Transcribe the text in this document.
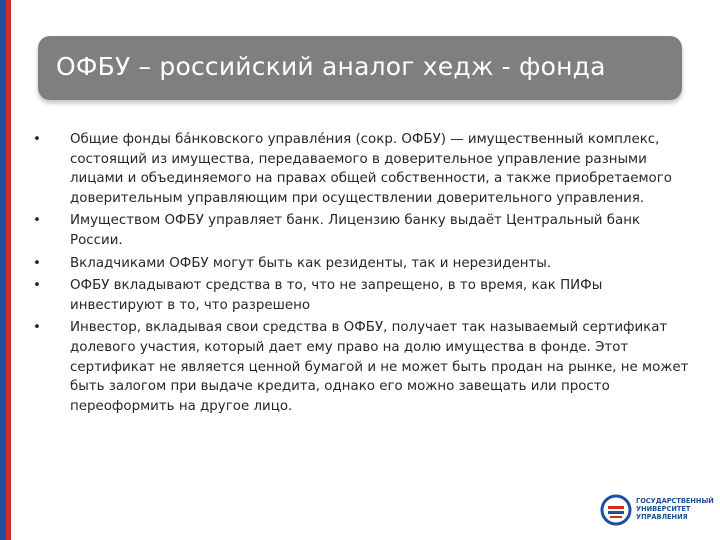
ОФБУ – российский аналог хедж - фонда
• Общие фонды ба́нковского управле́ния (сокр. ОФБУ) — имущественный комплекс, состоящий из имущества, передаваемого в доверительное управление разными лицами и объединяемого на правах общей собственности, а также приобретаемого доверительным управляющим при осуществлении доверительного управления.
• Имуществом ОФБУ управляет банк. Лицензию банку выдаёт Центральный банк России.
• Вкладчиками ОФБУ могут быть как резиденты, так и нерезиденты.
• ОФБУ вкладывают средства в то, что не запрещено, в то время, как ПИФы инвестируют в то, что разрешено
• Инвестор, вкладывая свои средства в ОФБУ, получает так называемый сертификат долевого участия, который дает ему право на долю имущества в фонде. Этот сертификат не является ценной бумагой и не может быть продан на рынке, не может быть залогом при выдаче кредита, однако его можно завещать или просто переоформить на другое лицо.
ГОСУДАРСТВЕННЫЙ
УНИВЕРСИТЕТ
УПРАВЛЕНИЯ
